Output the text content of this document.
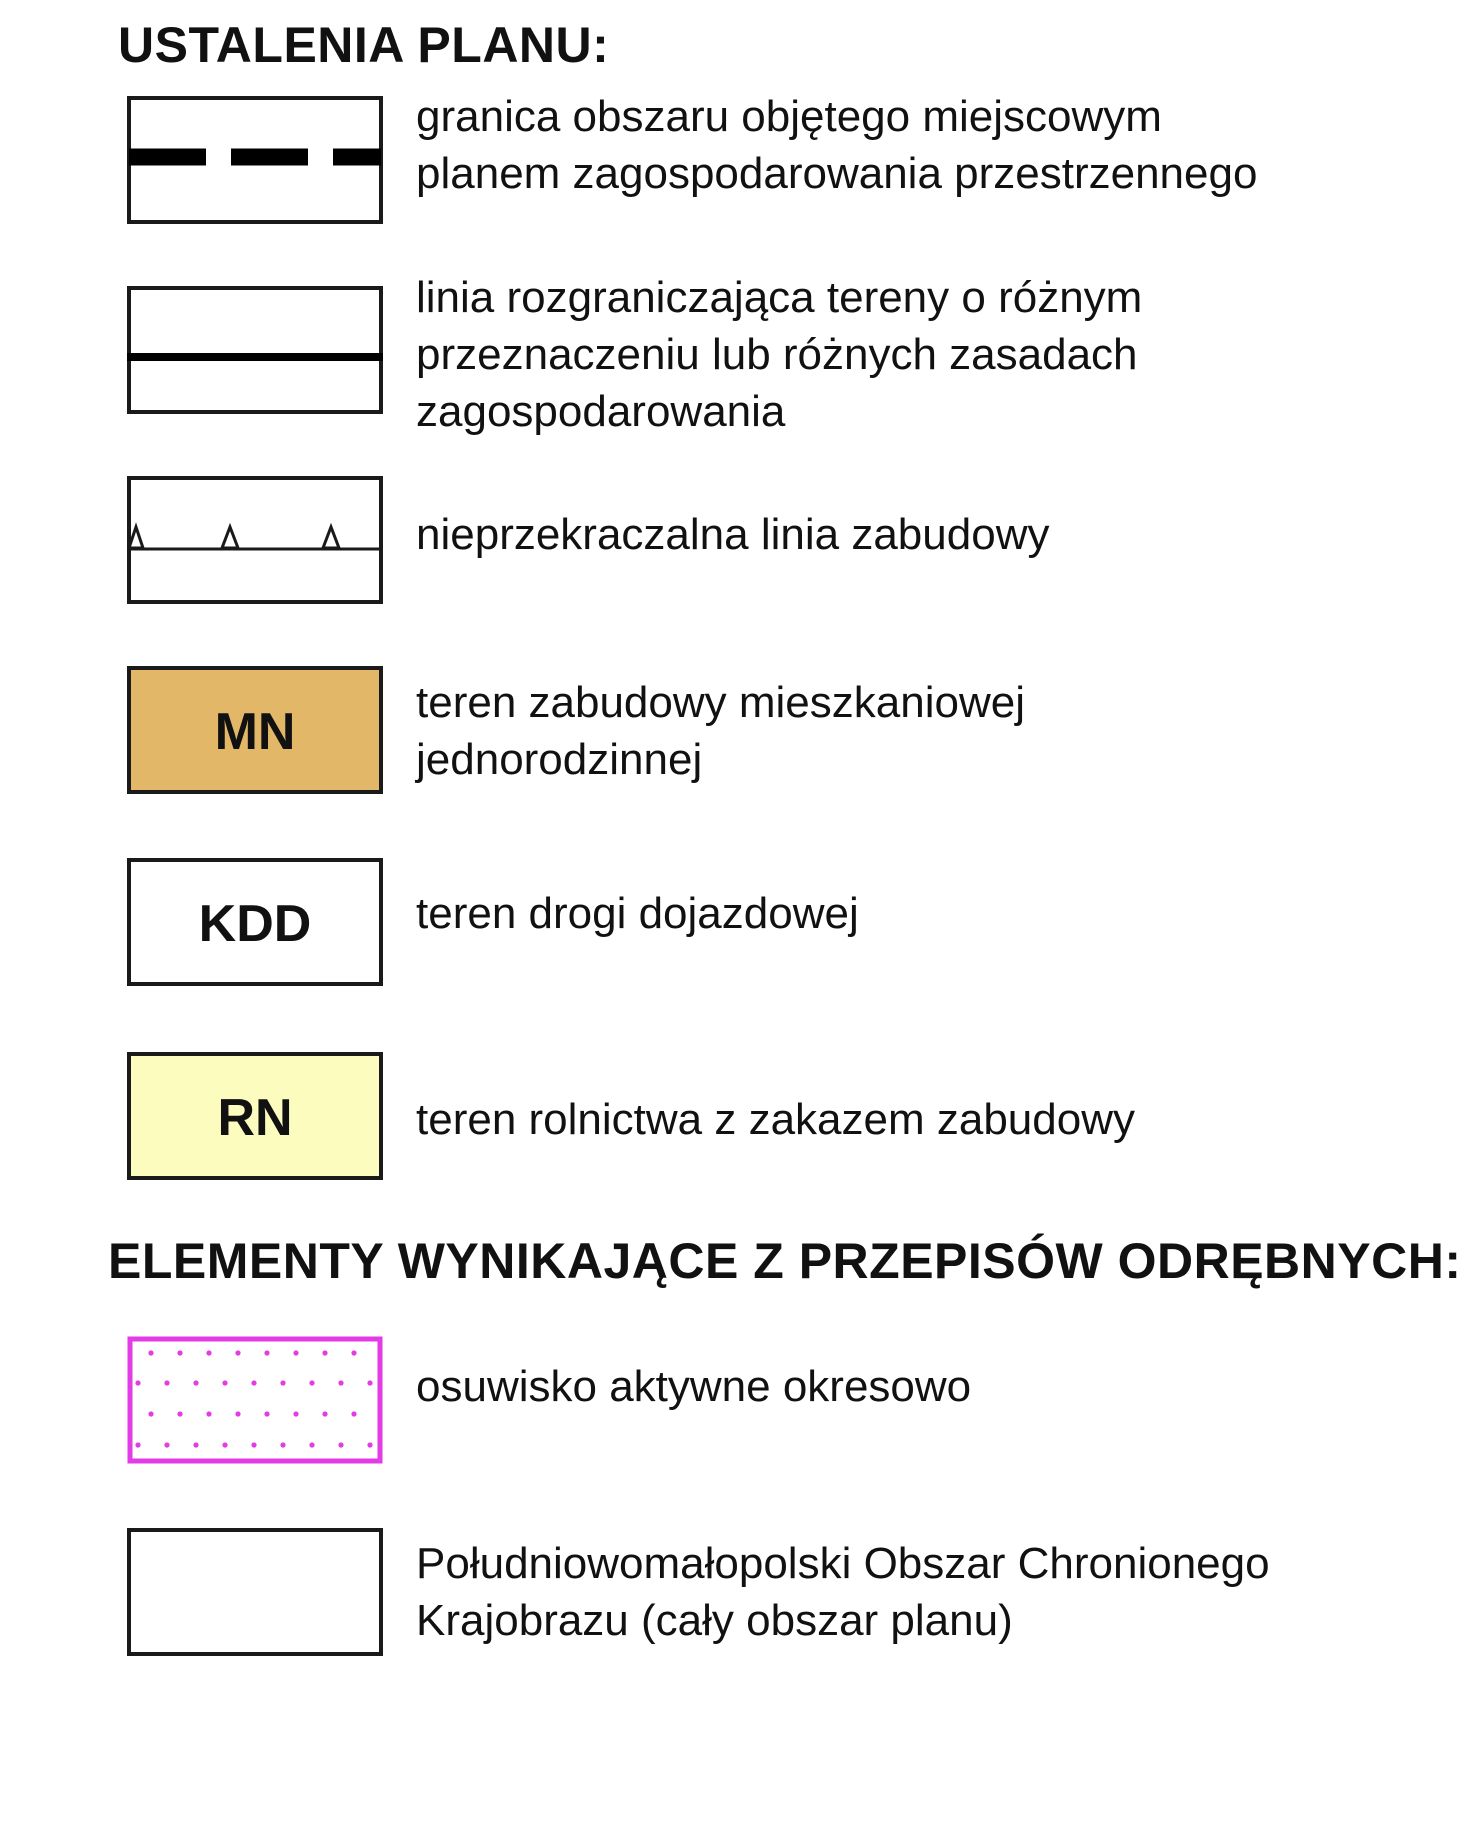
USTALENIA PLANU:

granica obszaru objętego miejscowym
planem zagospodarowania przestrzennego

linia rozgraniczająca tereny o różnym
przeznaczeniu lub różnych zasadach
zagospodarowania

nieprzekraczalna linia zabudowy

MN

teren zabudowy mieszkaniowej
jednorodzinnej

KDD teren drogi dojazdowej

RN	teren rolnictwa z zakazem zabudowy

ELEMENTY WYNIKAJĄCE Z PRZEPISÓW ODRĘBNYCH:

osuwisko aktywne okresowo

Południowomałopolski Obszar Chronionego
Krajobrazu (cały obszar planu)
